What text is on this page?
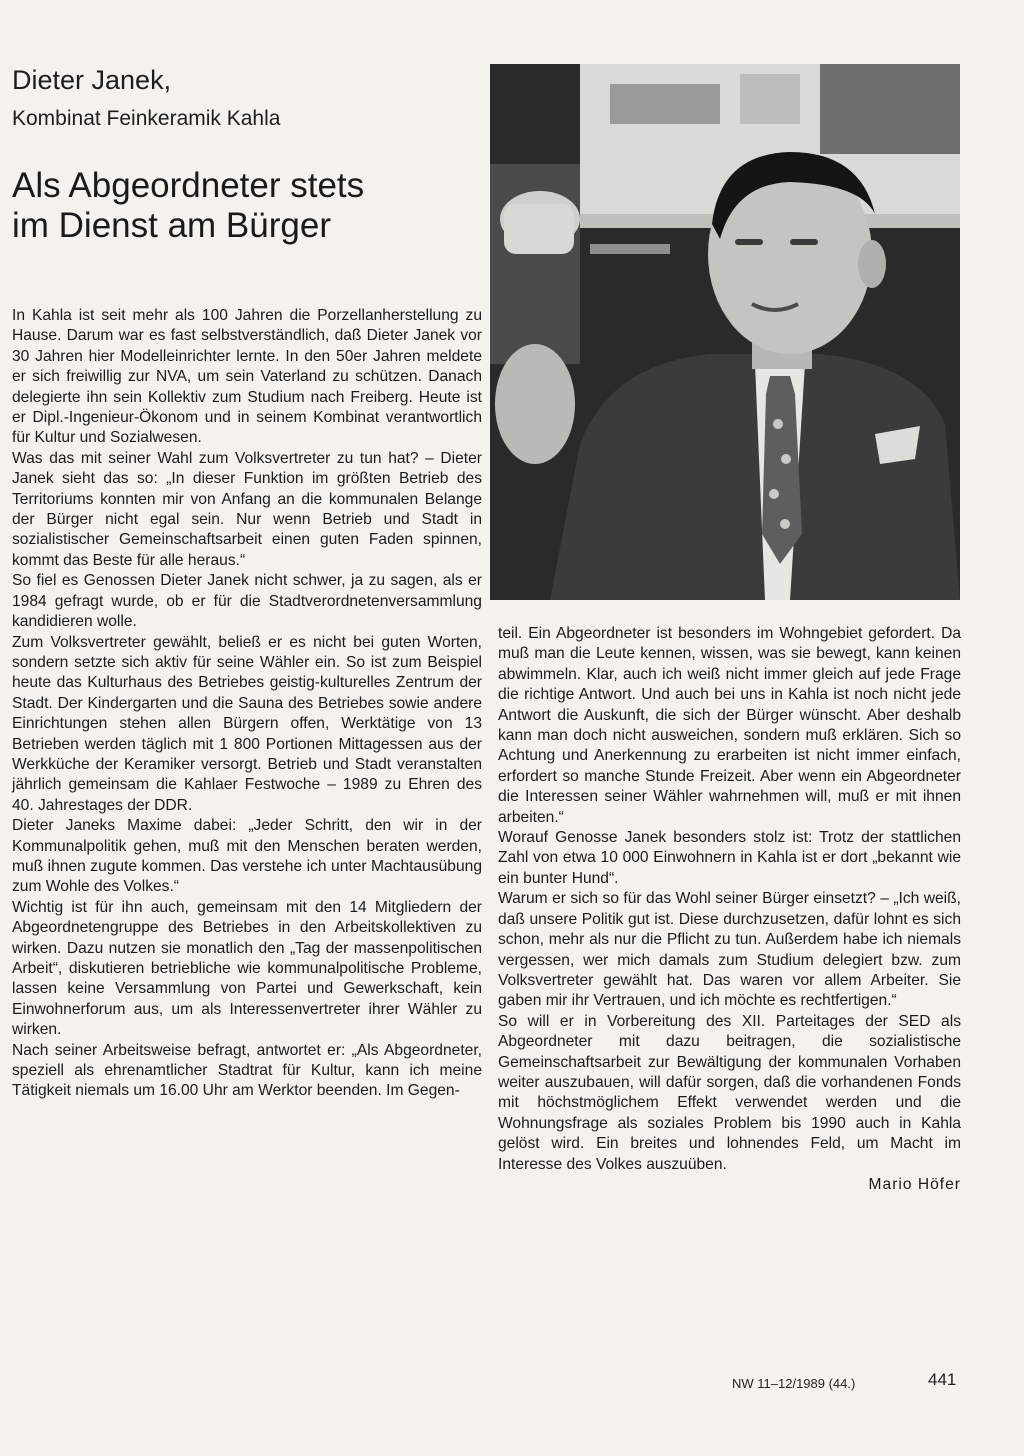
Dieter Janek,
Kombinat Feinkeramik Kahla
Als Abgeordneter stets
im Dienst am Bürger

In Kahla ist seit mehr als 100 Jahren die Porzellanherstellung zu Hause. Darum war es fast selbstverständlich, daß Dieter Janek vor 30 Jahren hier Modelleinrichter lernte. In den 50er Jahren meldete er sich freiwillig zur NVA, um sein Vaterland zu schützen. Danach delegierte ihn sein Kollektiv zum Studium nach Freiberg. Heute ist er Dipl.-Ingenieur-Ökonom und in seinem Kombinat verantwortlich für Kultur und Sozialwesen.

Was das mit seiner Wahl zum Volksvertreter zu tun hat? – Dieter Janek sieht das so: „In dieser Funktion im größten Betrieb des Territoriums konnten mir von Anfang an die kommunalen Belange der Bürger nicht egal sein. Nur wenn Betrieb und Stadt in sozialistischer Gemeinschaftsarbeit einen guten Faden spinnen, kommt das Beste für alle heraus.“

So fiel es Genossen Dieter Janek nicht schwer, ja zu sagen, als er 1984 gefragt wurde, ob er für die Stadtverordnetenversammlung kandidieren wolle.

Zum Volksvertreter gewählt, beließ er es nicht bei guten Worten, sondern setzte sich aktiv für seine Wähler ein. So ist zum Beispiel heute das Kulturhaus des Betriebes geistig-kulturelles Zentrum der Stadt. Der Kindergarten und die Sauna des Betriebes sowie andere Einrichtungen stehen allen Bürgern offen, Werktätige von 13 Betrieben werden täglich mit 1 800 Portionen Mittagessen aus der Werkküche der Keramiker versorgt. Betrieb und Stadt veranstalten jährlich gemeinsam die Kahlaer Festwoche – 1989 zu Ehren des 40. Jahrestages der DDR.

Dieter Janeks Maxime dabei: „Jeder Schritt, den wir in der Kommunalpolitik gehen, muß mit den Menschen beraten werden, muß ihnen zugute kommen. Das verstehe ich unter Machtausübung zum Wohle des Volkes.“

Wichtig ist für ihn auch, gemeinsam mit den 14 Mitgliedern der Abgeordnetengruppe des Betriebes in den Arbeitskollektiven zu wirken. Dazu nutzen sie monatlich den „Tag der massenpolitischen Arbeit“, diskutieren betriebliche wie kommunalpolitische Probleme, lassen keine Versammlung von Partei und Gewerkschaft, kein Einwohnerforum aus, um als Interessenvertreter ihrer Wähler zu wirken.

Nach seiner Arbeitsweise befragt, antwortet er: „Als Abgeordneter, speziell als ehrenamtlicher Stadtrat für Kultur, kann ich meine Tätigkeit niemals um 16.00 Uhr am Werktor beenden. Im Gegen-

teil. Ein Abgeordneter ist besonders im Wohngebiet gefordert. Da muß man die Leute kennen, wissen, was sie bewegt, kann keinen abwimmeln. Klar, auch ich weiß nicht immer gleich auf jede Frage die richtige Antwort. Und auch bei uns in Kahla ist noch nicht jede Antwort die Auskunft, die sich der Bürger wünscht. Aber deshalb kann man doch nicht ausweichen, sondern muß erklären. Sich so Achtung und Anerkennung zu erarbeiten ist nicht immer einfach, erfordert so manche Stunde Freizeit. Aber wenn ein Abgeordneter die Interessen seiner Wähler wahrnehmen will, muß er mit ihnen arbeiten.“

Worauf Genosse Janek besonders stolz ist: Trotz der stattlichen Zahl von etwa 10 000 Einwohnern in Kahla ist er dort „bekannt wie ein bunter Hund“.

Warum er sich so für das Wohl seiner Bürger einsetzt? – „Ich weiß, daß unsere Politik gut ist. Diese durchzusetzen, dafür lohnt es sich schon, mehr als nur die Pflicht zu tun. Außerdem habe ich niemals vergessen, wer mich damals zum Studium delegiert bzw. zum Volksvertreter gewählt hat. Das waren vor allem Arbeiter. Sie gaben mir ihr Vertrauen, und ich möchte es rechtfertigen.“

So will er in Vorbereitung des XII. Parteitages der SED als Abgeordneter mit dazu beitragen, die sozialistische Gemeinschaftsarbeit zur Bewältigung der kommunalen Vorhaben weiter auszubauen, will dafür sorgen, daß die vorhandenen Fonds mit höchstmöglichem Effekt verwendet werden und die Wohnungsfrage als soziales Problem bis 1990 auch in Kahla gelöst wird. Ein breites und lohnendes Feld, um Macht im Interesse des Volkes auszuüben.

Mario Höfer

NW 11–12/1989 (44.)	441
